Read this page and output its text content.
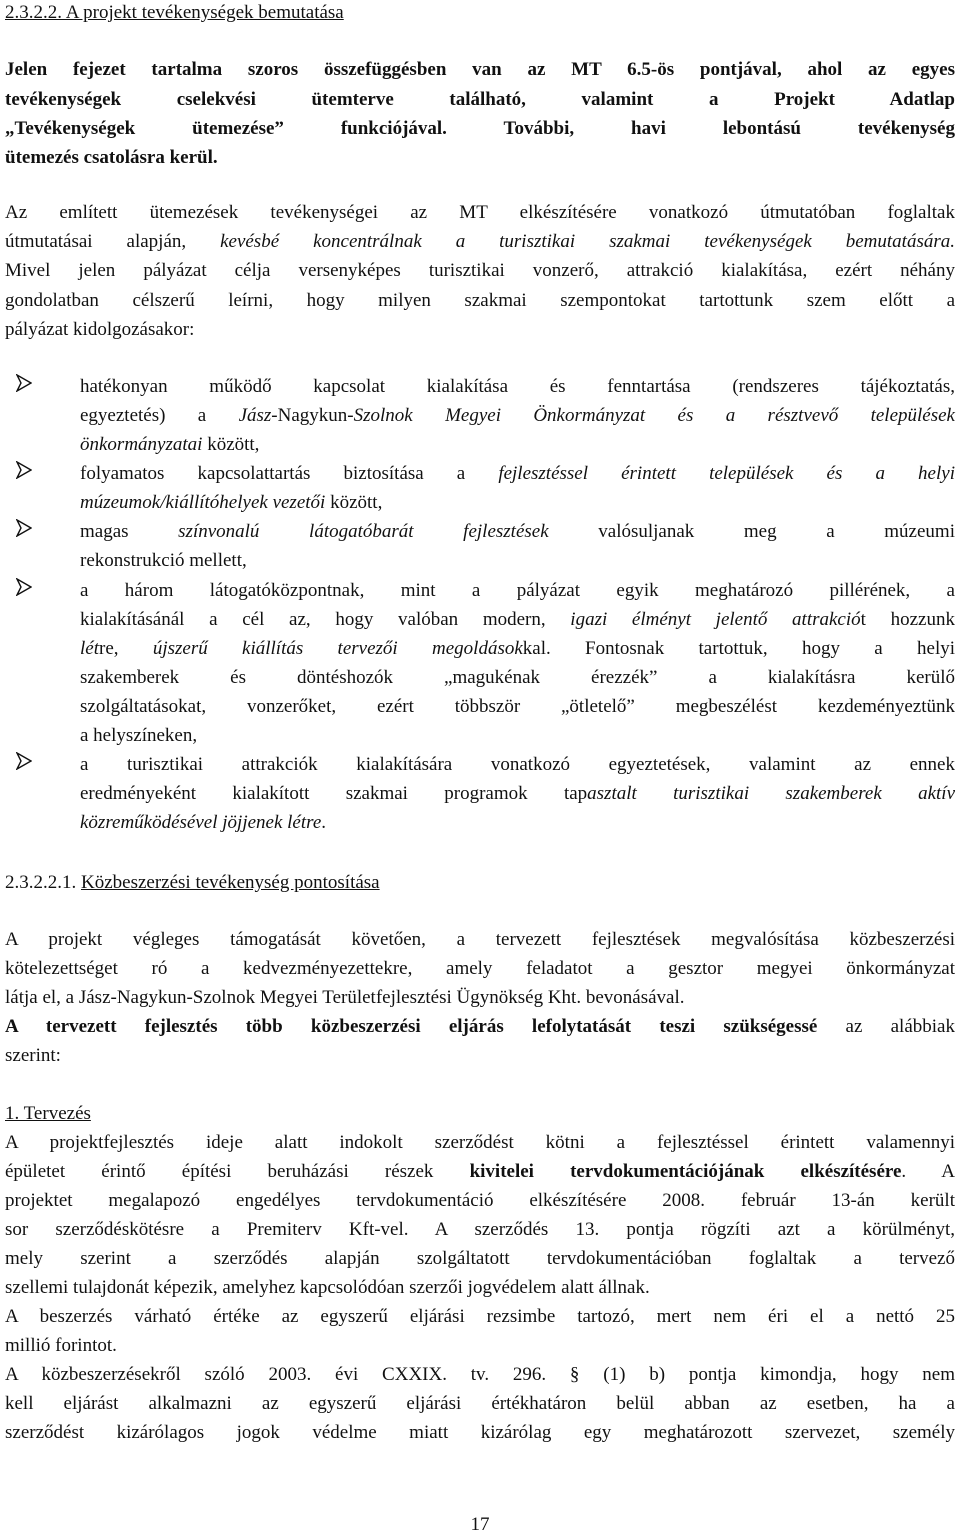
2.3.2.2. A projekt tevékenységek bemutatása
Jelen fejezet tartalma szoros összefüggésben van az MT 6.5-ös pontjával, ahol az egyes
tevékenységek cselekvési ütemterve található, valamint a Projekt Adatlap
„Tevékenységek ütemezése” funkciójával. További, havi lebontású tevékenység
ütemezés csatolásra kerül.
Az említett ütemezések tevékenységei az MT elkészítésére vonatkozó útmutatóban foglaltak
útmutatásai alapján, kevésbé koncentrálnak a turisztikai szakmai tevékenységek bemutatására.
Mivel jelen pályázat célja versenyképes turisztikai vonzerő, attrakció kialakítása, ezért néhány
gondolatban célszerű leírni, hogy milyen szakmai szempontokat tartottunk szem előtt a
pályázat kidolgozásakor:
hatékonyan működő kapcsolat kialakítása és fenntartása (rendszeres tájékoztatás,
egyeztetés) a Jász-Nagykun-Szolnok Megyei Önkormányzat és a résztvevő települések
önkormányzatai között,
folyamatos kapcsolattartás biztosítása a fejlesztéssel érintett települések és a helyi
múzeumok/kiállítóhelyek vezetői között,
magas színvonalú látogatóbarát fejlesztések valósuljanak meg a múzeumi
rekonstrukció mellett,
a három látogatóközpontnak, mint a pályázat egyik meghatározó pillérének, a
kialakításánál a cél az, hogy valóban modern, igazi élményt jelentő attrakciót hozzunk
létre, újszerű kiállítás tervezői megoldásokkal. Fontosnak tartottuk, hogy a helyi
szakemberek és döntéshozók „magukénak érezzék” a kialakításra kerülő
szolgáltatásokat, vonzerőket, ezért többször „ötletelő” megbeszélést kezdeményeztünk
a helyszíneken,
a turisztikai attrakciók kialakítására vonatkozó egyeztetések, valamint az ennek
eredményeként kialakított szakmai programok tapasztalt turisztikai szakemberek aktív
közreműködésével jöjjenek létre.
2.3.2.2.1. Közbeszerzési tevékenység pontosítása
A projekt végleges támogatását követően, a tervezett fejlesztések megvalósítása közbeszerzési
kötelezettséget ró a kedvezményezettekre, amely feladatot a gesztor megyei önkormányzat
látja el, a Jász-Nagykun-Szolnok Megyei Területfejlesztési Ügynökség Kht. bevonásával.
A tervezett fejlesztés több közbeszerzési eljárás lefolytatását teszi szükségessé az alábbiak
szerint:
1. Tervezés
A projektfejlesztés ideje alatt indokolt szerződést kötni a fejlesztéssel érintett valamennyi
épületet érintő építési beruházási részek kivitelei tervdokumentációjának elkészítésére. A
projektet megalapozó engedélyes tervdokumentáció elkészítésére 2008. február 13-án került
sor szerződéskötésre a Premiterv Kft-vel. A szerződés 13. pontja rögzíti azt a körülményt,
mely szerint a szerződés alapján szolgáltatott tervdokumentációban foglaltak a tervező
szellemi tulajdonát képezik, amelyhez kapcsolódóan szerzői jogvédelem alatt állnak.
A beszerzés várható értéke az egyszerű eljárási rezsimbe tartozó, mert nem éri el a nettó 25
millió forintot.
A közbeszerzésekről szóló 2003. évi CXXIX. tv. 296. § (1) b) pontja kimondja, hogy nem
kell eljárást alkalmazni az egyszerű eljárási értékhatáron belül abban az esetben, ha a
szerződést kizárólagos jogok védelme miatt kizárólag egy meghatározott szervezet, személy
17
